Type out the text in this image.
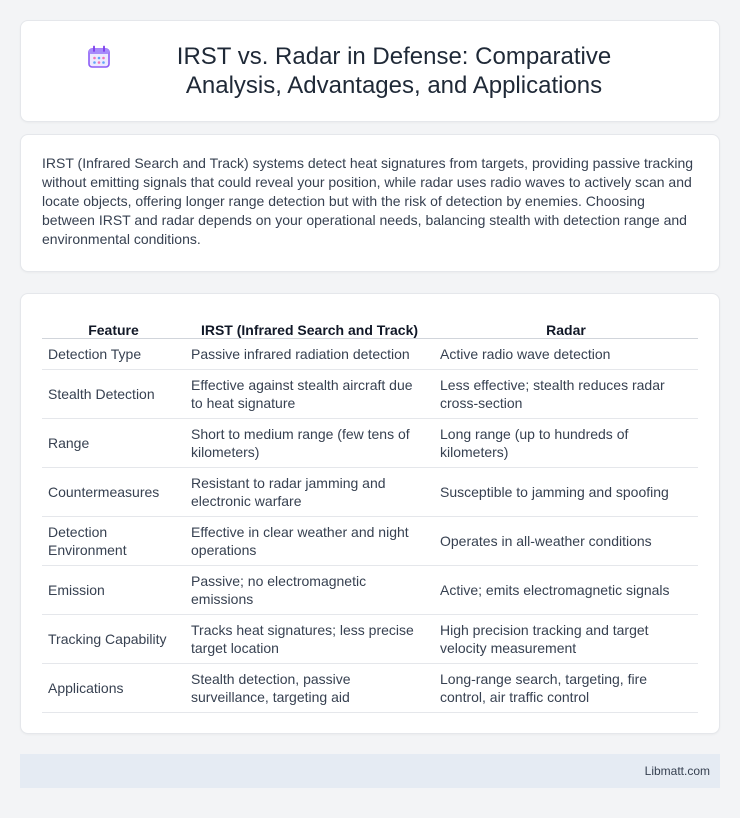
IRST vs. Radar in Defense: Comparative Analysis, Advantages, and Applications

IRST (Infrared Search and Track) systems detect heat signatures from targets, providing passive tracking without emitting signals that could reveal your position, while radar uses radio waves to actively scan and locate objects, offering longer range detection but with the risk of detection by enemies. Choosing between IRST and radar depends on your operational needs, balancing stealth with detection range and environmental conditions.

Feature	IRST (Infrared Search and Track)	Radar
Detection Type	Passive infrared radiation detection	Active radio wave detection
Stealth Detection	Effective against stealth aircraft due to heat signature	Less effective; stealth reduces radar cross-section
Range	Short to medium range (few tens of kilometers)	Long range (up to hundreds of kilometers)
Countermeasures	Resistant to radar jamming and electronic warfare	Susceptible to jamming and spoofing
Detection Environment	Effective in clear weather and night operations	Operates in all-weather conditions
Emission	Passive; no electromagnetic emissions	Active; emits electromagnetic signals
Tracking Capability	Tracks heat signatures; less precise target location	High precision tracking and target velocity measurement
Applications	Stealth detection, passive surveillance, targeting aid	Long-range search, targeting, fire control, air traffic control
Libmatt.com
